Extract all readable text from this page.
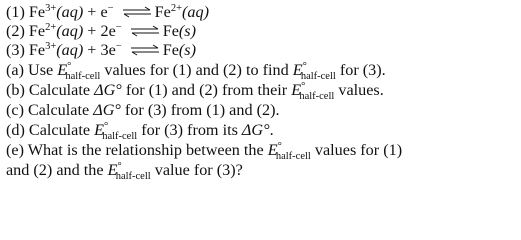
(1) $Fe^{3+}(aq) + e^-$ ⇌ $Fe^{2+}(aq)$
(2) $Fe^{2+}(aq) + 2e^-$ ⇌ Fe(s)
(3) $Fe^{3+}(aq) + 3e^-$ ⇌ Fe(s)
(a) Use $E^\circ_{half-cell}$ values for (1) and (2) to find $E^\circ_{half-cell}$ for (3).
(b) Calculate ΔG° for (1) and (2) from their $E^\circ_{half-cell}$ values.
(c) Calculate ΔG° for (3) from (1) and (2).
(d) Calculate $E^\circ_{half-cell}$ for (3) from its ΔG°.
(e) What is the relationship between the $E^\circ_{half-cell}$ values for (1)
and (2) and the $E^\circ_{half-cell}$ value for (3)?
